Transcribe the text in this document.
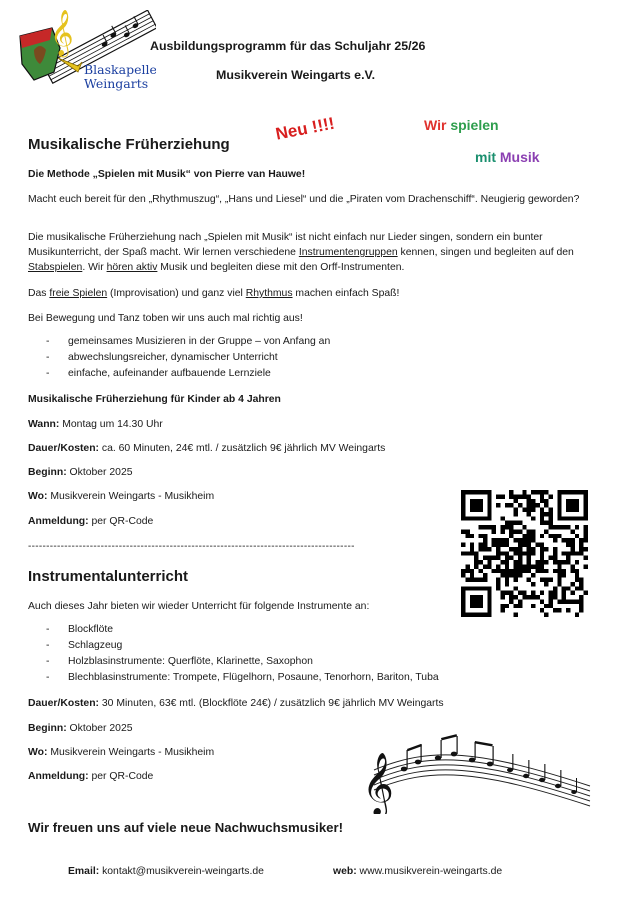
𝄞
Blaskapelle
Weingarts
Ausbildungsprogramm für das Schuljahr 25/26
Musikverein Weingarts e.V.
Neu !!!!	Wir spielen
mit Musik
Musikalische Früherziehung

Die Methode „Spielen mit Musik“ von Pierre van Hauwe!

Macht euch bereit für den „Rhythmuszug“, „Hans und Liesel“ und die „Piraten vom Drachenschiff“. Neugierig geworden?

Die musikalische Früherziehung nach „Spielen mit Musik“ ist nicht einfach nur Lieder singen, sondern ein bunter Musikunterricht, der Spaß macht. Wir lernen verschiedene Instrumentengruppen kennen, singen und begleiten auf den Stabspielen. Wir hören aktiv Musik und begleiten diese mit den Orff-Instrumenten.

Das freie Spielen (Improvisation) und ganz viel Rhythmus machen einfach Spaß!

Bei Bewegung und Tanz toben wir uns auch mal richtig aus!

- gemeinsames Musizieren in der Gruppe – von Anfang an
- abwechslungsreicher, dynamischer Unterricht
- einfache, aufeinander aufbauende Lernziele

Musikalische Früherziehung für Kinder ab 4 Jahren

Wann: Montag um 14.30 Uhr

Dauer/Kosten: ca. 60 Minuten, 24€ mtl. / zusätzlich 9€ jährlich MV Weingarts

Beginn: Oktober 2025

Wo: Musikverein Weingarts - Musikheim

Anmeldung: per QR-Code

------------------------------------------------------------------------------------------
Instrumentalunterricht

Auch dieses Jahr bieten wir wieder Unterricht für folgende Instrumente an:

- Blockflöte
- Schlagzeug
- Holzblasinstrumente: Querflöte, Klarinette, Saxophon
- Blechblasinstrumente: Trompete, Flügelhorn, Posaune, Tenorhorn, Bariton, Tuba

Dauer/Kosten: 30 Minuten, 63€ mtl. (Blockflöte 24€) / zusätzlich 9€ jährlich MV Weingarts

Beginn: Oktober 2025

Wo: Musikverein Weingarts - Musikheim

Anmeldung: per QR-Code	𝄞
Wir freuen uns auf viele neue Nachwuchsmusiker!
Email: kontakt@musikverein-weingarts.de	web: www.musikverein-weingarts.de
